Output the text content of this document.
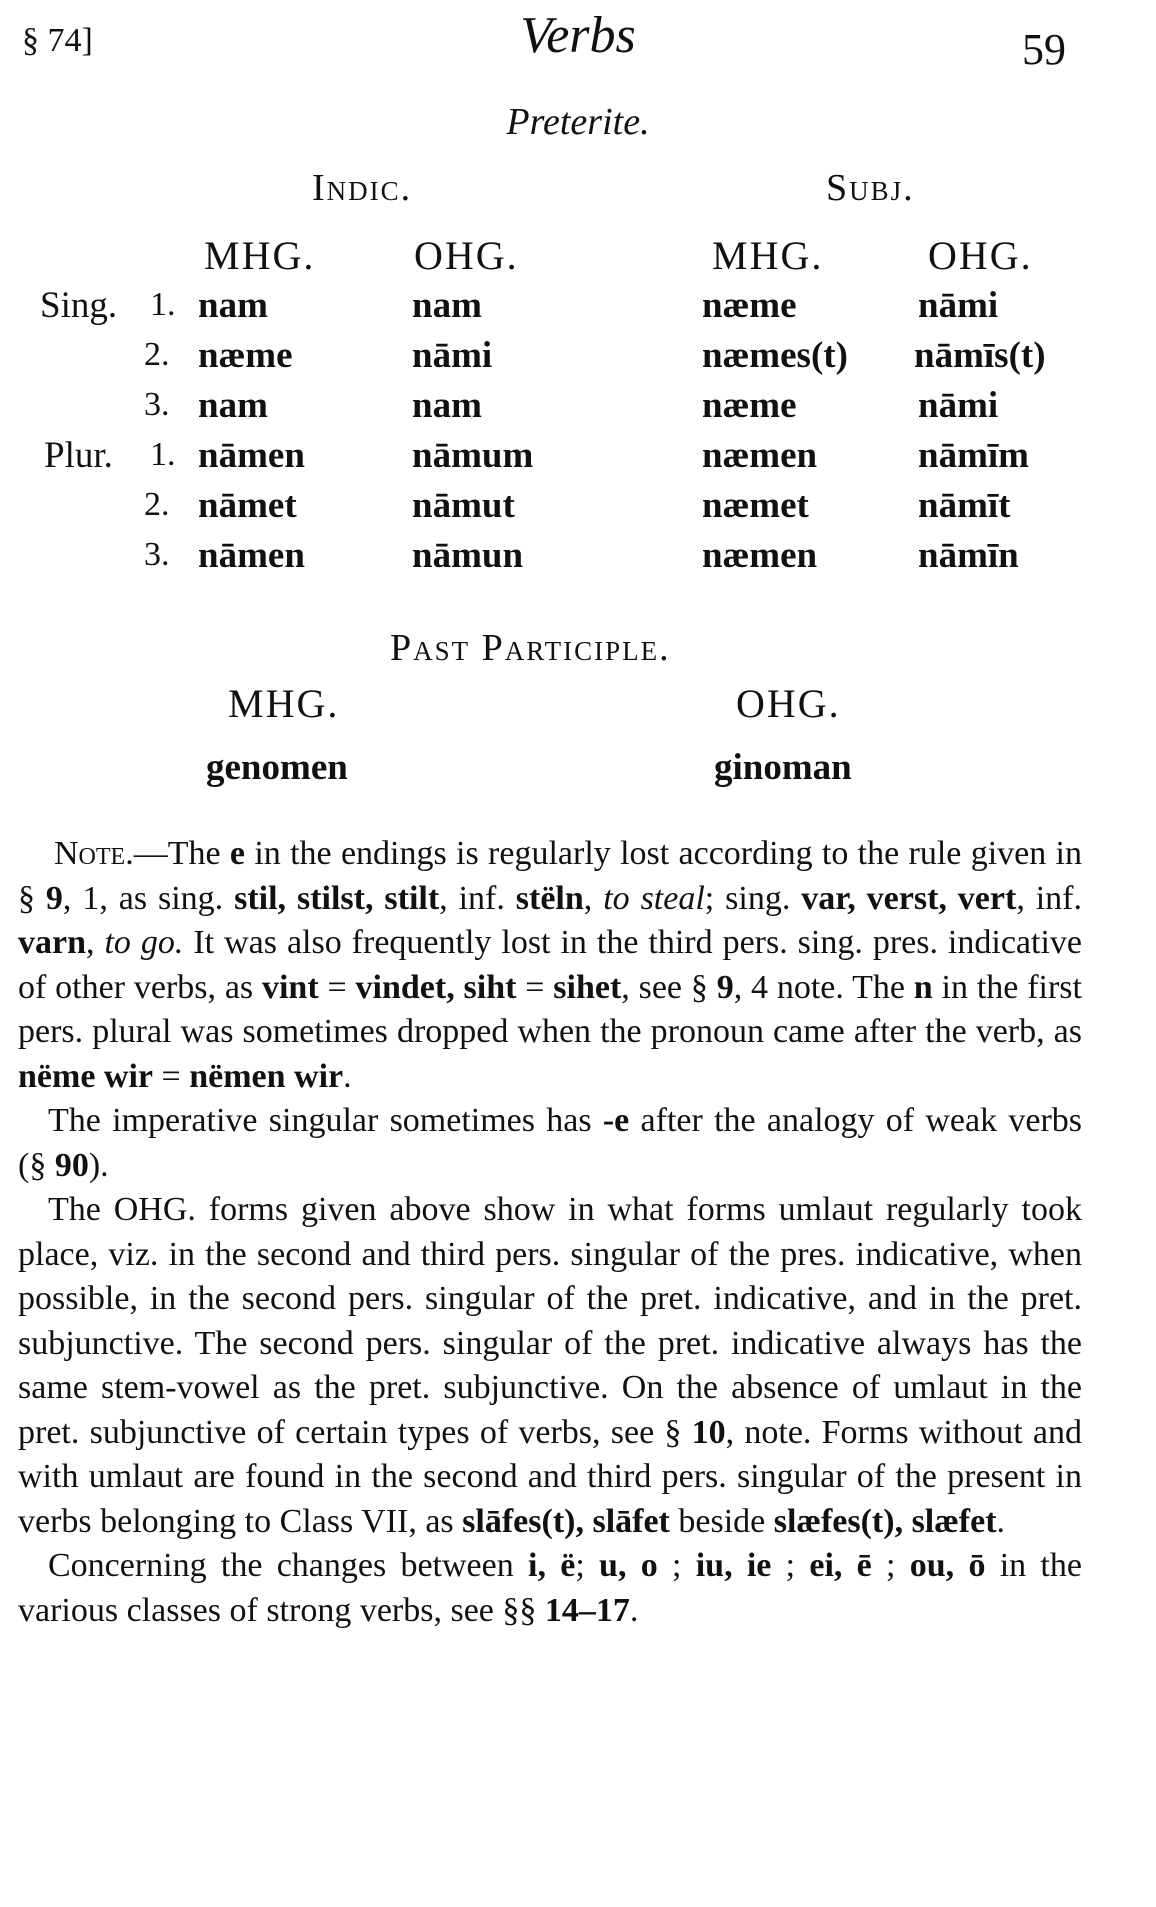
§ 74]	Verbs	59
Preterite.
Indic.	Subj.
MHG. OHG.	MHG.	OHG.
Sing. 1. nam	nam	næme	nāmi
2. næme	nāmi	næmes(t) nāmīs(t)
3. nam	nam	næme	nāmi
Plur. 1. nāmen	nāmum	næmen	nāmīm
2. nāmet	nāmut	næmet	nāmīt
3. nāmen	nāmun	næmen	nāmīn
Past Participle.
MHG.	OHG.
genomen	ginoman

Note.—The e in the endings is regularly lost according to the rule given in § 9, 1, as sing. stil, stilst, stilt, inf. stëln, to steal; sing. var, verst, vert, inf. varn, to go. It was also frequently lost in the third pers. sing. pres. indicative of other verbs, as vint = vindet, siht = sihet, see § 9, 4 note. The n in the first pers. plural was sometimes dropped when the pronoun came after the verb, as nëme wir = nëmen wir.

The imperative singular sometimes has -e after the analogy of weak verbs (§ 90).

The OHG. forms given above show in what forms umlaut regularly took place, viz. in the second and third pers. singular of the pres. indicative, when possible, in the second pers. singular of the pret. indicative, and in the pret. subjunctive. The second pers. singular of the pret. indicative always has the same stem-vowel as the pret. subjunctive. On the absence of umlaut in the pret. subjunctive of certain types of verbs, see § 10, note. Forms without and with umlaut are found in the second and third pers. singular of the present in verbs belonging to Class VII, as slāfes(t), slāfet beside slæfes(t), slæfet.

Concerning the changes between i, ë; u, o ; iu, ie ; ei, ē ; ou, ō in the various classes of strong verbs, see §§ 14–17.
